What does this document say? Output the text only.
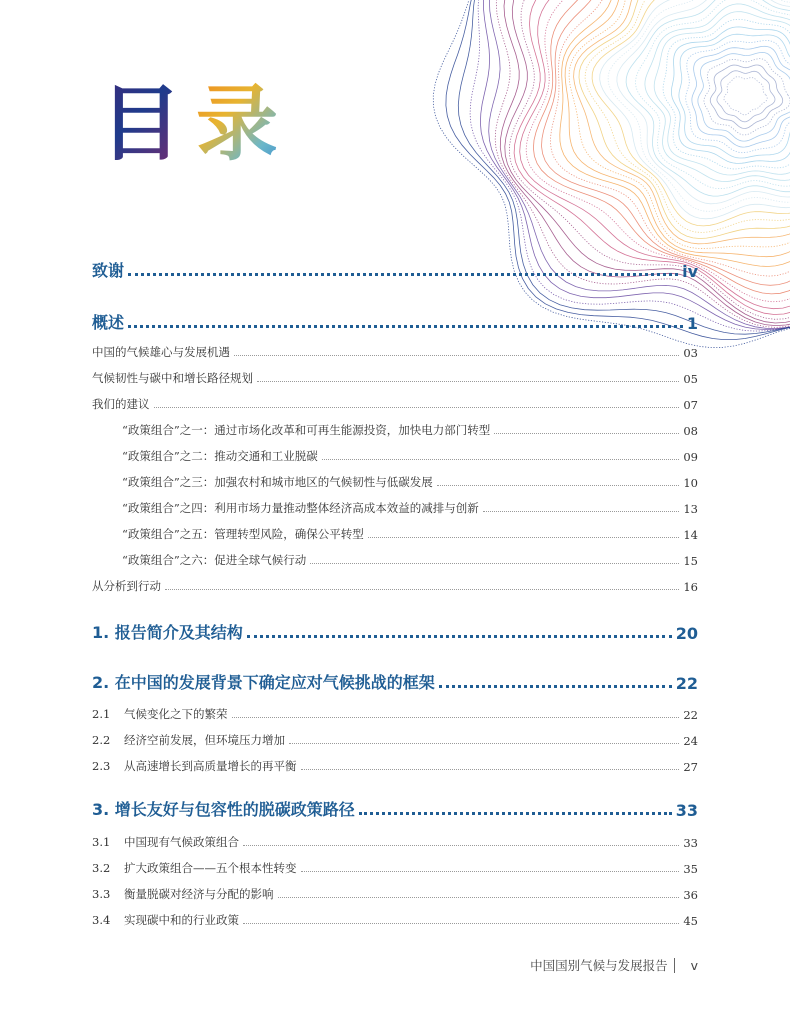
目录
致谢	iv
概述	1
中国的气候雄心与发展机遇	03
气候韧性与碳中和增长路径规划	05
我们的建议	07
“政策组合”之一：通过市场化改革和可再生能源投资，加快电力部门转型	08
“政策组合”之二：推动交通和工业脱碳	09
“政策组合”之三：加强农村和城市地区的气候韧性与低碳发展	10
“政策组合”之四：利用市场力量推动整体经济高成本效益的减排与创新	13
“政策组合”之五：管理转型风险，确保公平转型	14
“政策组合”之六：促进全球气候行动	15
从分析到行动	16
1. 报告简介及其结构	20
2. 在中国的发展背景下确定应对气候挑战的框架	22
2.1 气候变化之下的繁荣	22
2.2 经济空前发展，但环境压力增加	24
2.3 从高速增长到高质量增长的再平衡	27
3. 增长友好与包容性的脱碳政策路径	33
3.1 中国现有气候政策组合	33
3.2 扩大政策组合——五个根本性转变	35
3.3 衡量脱碳对经济与分配的影响	36
3.4 实现碳中和的行业政策	45
中国国别气候与发展报告 v
